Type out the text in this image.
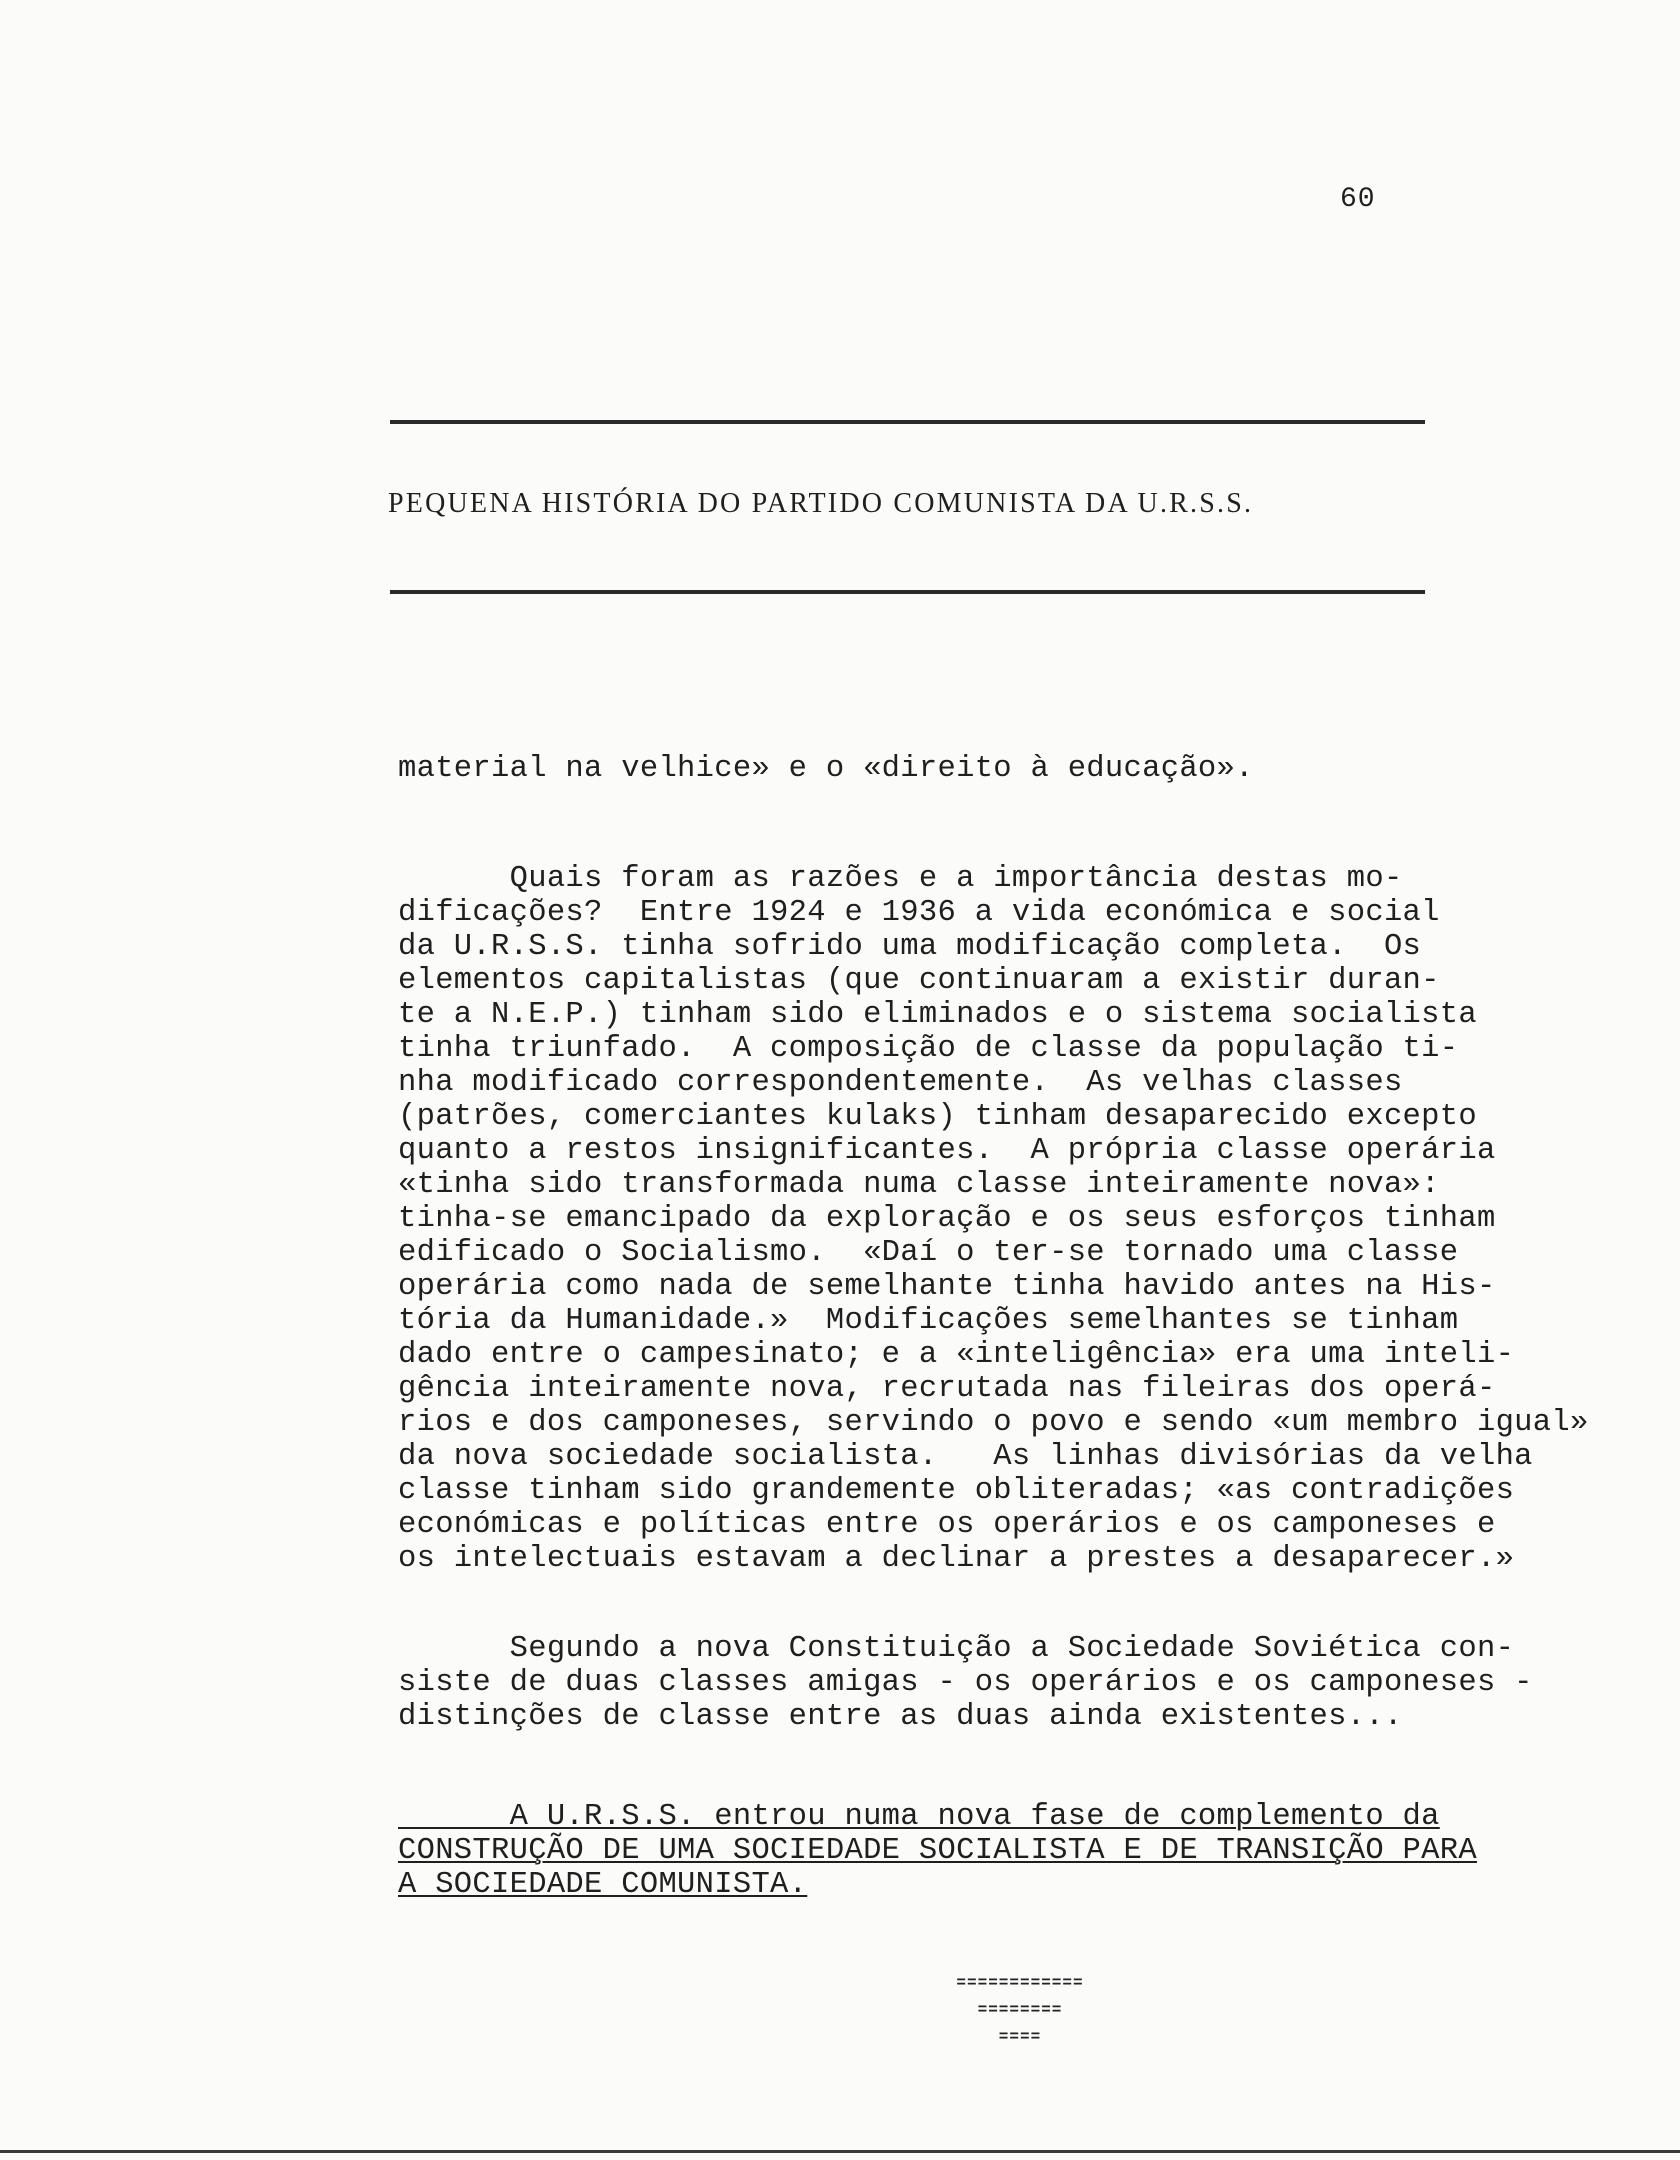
60
PEQUENA HISTÓRIA DO PARTIDO COMUNISTA DA U.R.S.S.
material na velhice» e o «direito à educação».
Quais foram as razões e a importância destas mo-
dificações?  Entre 1924 e 1936 a vida económica e social
da U.R.S.S. tinha sofrido uma modificação completa.  Os
elementos capitalistas (que continuaram a existir duran-
te a N.E.P.) tinham sido eliminados e o sistema socialista
tinha triunfado.  A composição de classe da população ti-
nha modificado correspondentemente.  As velhas classes
(patrões, comerciantes kulaks) tinham desaparecido excepto
quanto a restos insignificantes.  A própria classe operária
«tinha sido transformada numa classe inteiramente nova»:
tinha-se emancipado da exploração e os seus esforços tinham
edificado o Socialismo.  «Daí o ter-se tornado uma classe
operária como nada de semelhante tinha havido antes na His-
tória da Humanidade.»  Modificações semelhantes se tinham
dado entre o campesinato; e a «inteligência» era uma inteli-
gência inteiramente nova, recrutada nas fileiras dos operá-
rios e dos camponeses, servindo o povo e sendo «um membro igual»
da nova sociedade socialista.   As linhas divisórias da velha
classe tinham sido grandemente obliteradas; «as contradições
económicas e políticas entre os operários e os camponeses e
os intelectuais estavam a declinar a prestes a desaparecer.»
Segundo a nova Constituição a Sociedade Soviética con-
siste de duas classes amigas - os operários e os camponeses -
distinções de classe entre as duas ainda existentes...
A U.R.S.S. entrou numa nova fase de complemento da
CONSTRUÇÃO DE UMA SOCIEDADE SOCIALISTA E DE TRANSIÇÃO PARA
A SOCIEDADE COMUNISTA.
============
========
====
